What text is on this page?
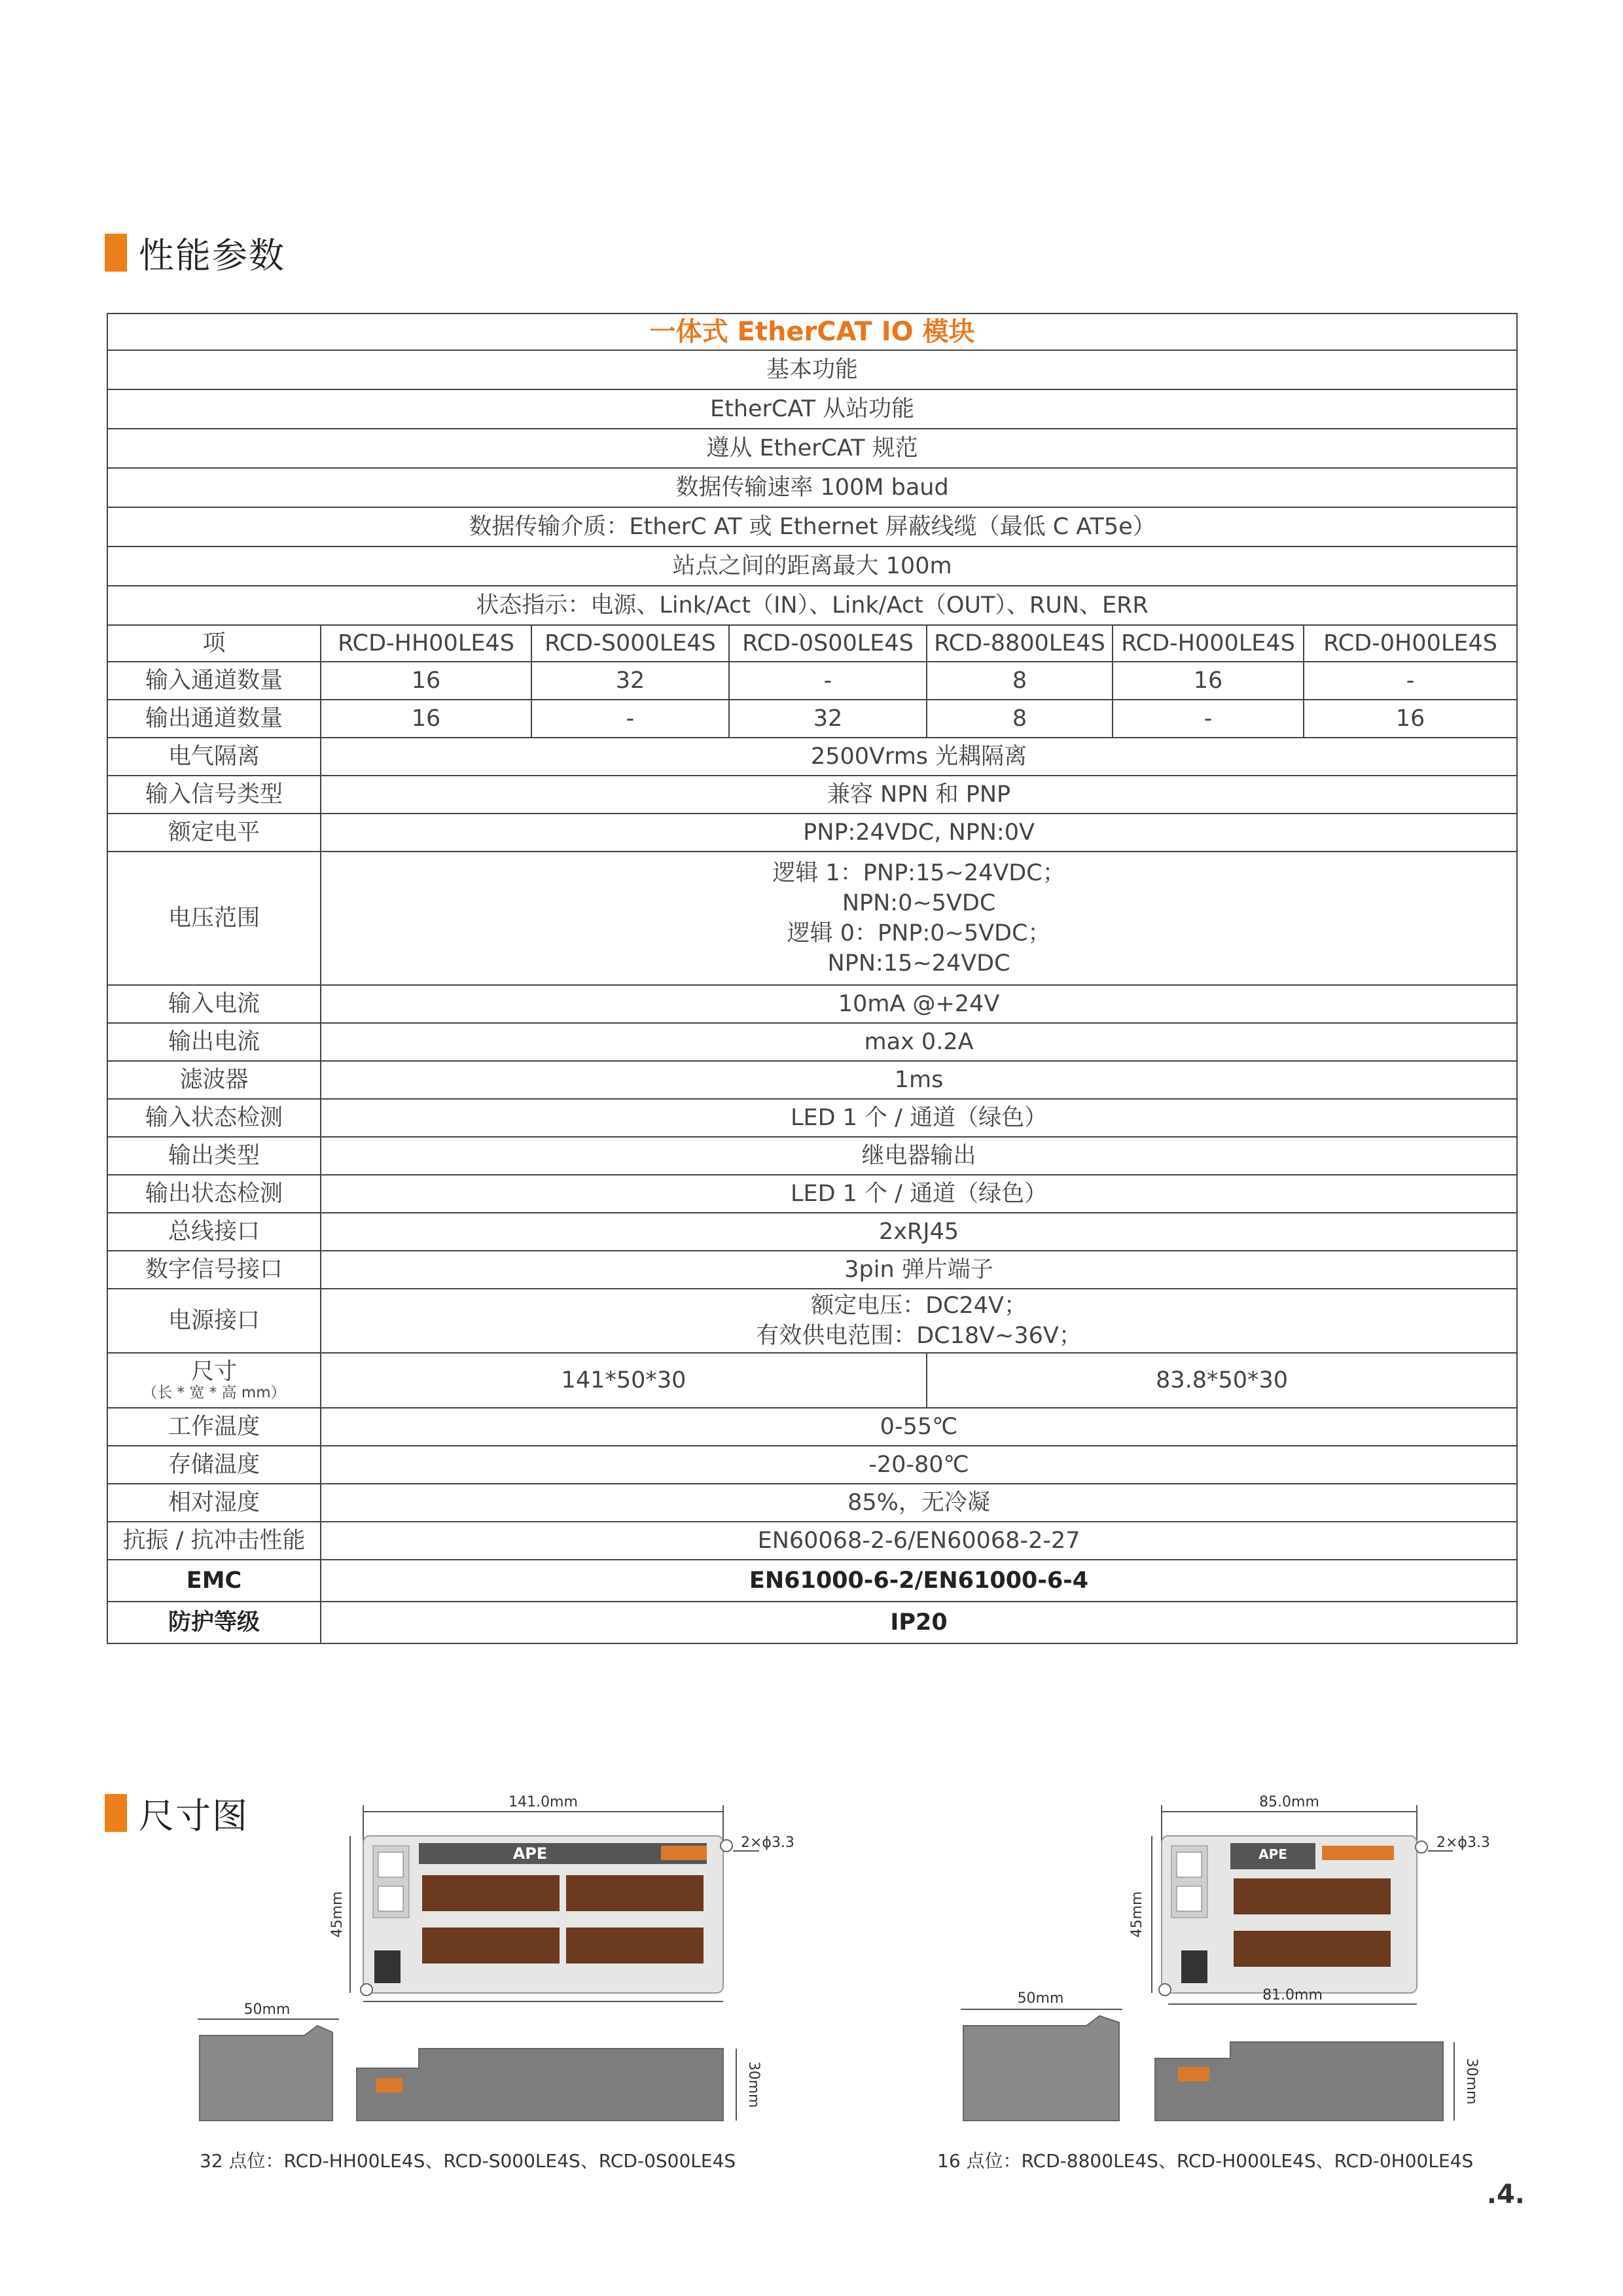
性能参数
一体式 EtherCAT IO 模块						
基本功能						
EtherCAT 从站功能						
遵从 EtherCAT 规范						
数据传输速率 100M baud						
数据传输介质：EtherC AT 或 Ethernet 屏蔽线缆（最低 C AT5e）						
站点之间的距离最大 100m						
状态指示：电源、Link/Act（IN）、Link/Act（OUT）、RUN、ERR						
项	RCD-HH00LE4S	RCD-S000LE4S	RCD-0S00LE4S	RCD-8800LE4S	RCD-H000LE4S	RCD-0H00LE4S
输入通道数量	16	32	-	8	16	-
输出通道数量	16	-	32	8	-	16
电气隔离	2500Vrms 光耦隔离					
输入信号类型	兼容 NPN 和 PNP					
额定电平	PNP:24VDC, NPN:0V					
电压范围	逻辑 1：PNP:15~24VDC；
NPN:0~5VDC
逻辑 0：PNP:0~5VDC；
NPN:15~24VDC					

输入电流	10mA @+24V					
输出电流	max 0.2A					
滤波器	1ms					
输入状态检测	LED 1 个 / 通道（绿色）					
输出类型	继电器输出					
输出状态检测	LED 1 个 / 通道（绿色）					
总线接口	2xRJ45					
数字信号接口	3pin 弹片端子					
电源接口	额定电压：DC24V；
有效供电范围：DC18V~36V；					

尺寸
（长 * 宽 * 高 mm）	141*50*30			83.8*50*30		
工作温度	0-55℃					
存储温度	-20-80℃					
相对湿度	85%，无冷凝					
抗振 / 抗冲击性能	EN60068-2-6/EN60068-2-27					
EMC	EN61000-6-2/EN61000-6-4					
防护等级	IP20					
尺寸图	141.0mm
45mm
APE
2×ϕ3.3
50mm
30mm
32 点位：RCD-HH00LE4S、RCD-S000LE4S、RCD-0S00LE4S
85.0mm
45mm
APE
2×ϕ3.3
81.0mm
50mm
30mm
16 点位：RCD-8800LE4S、RCD-H000LE4S、RCD-0H00LE4S
.4.
